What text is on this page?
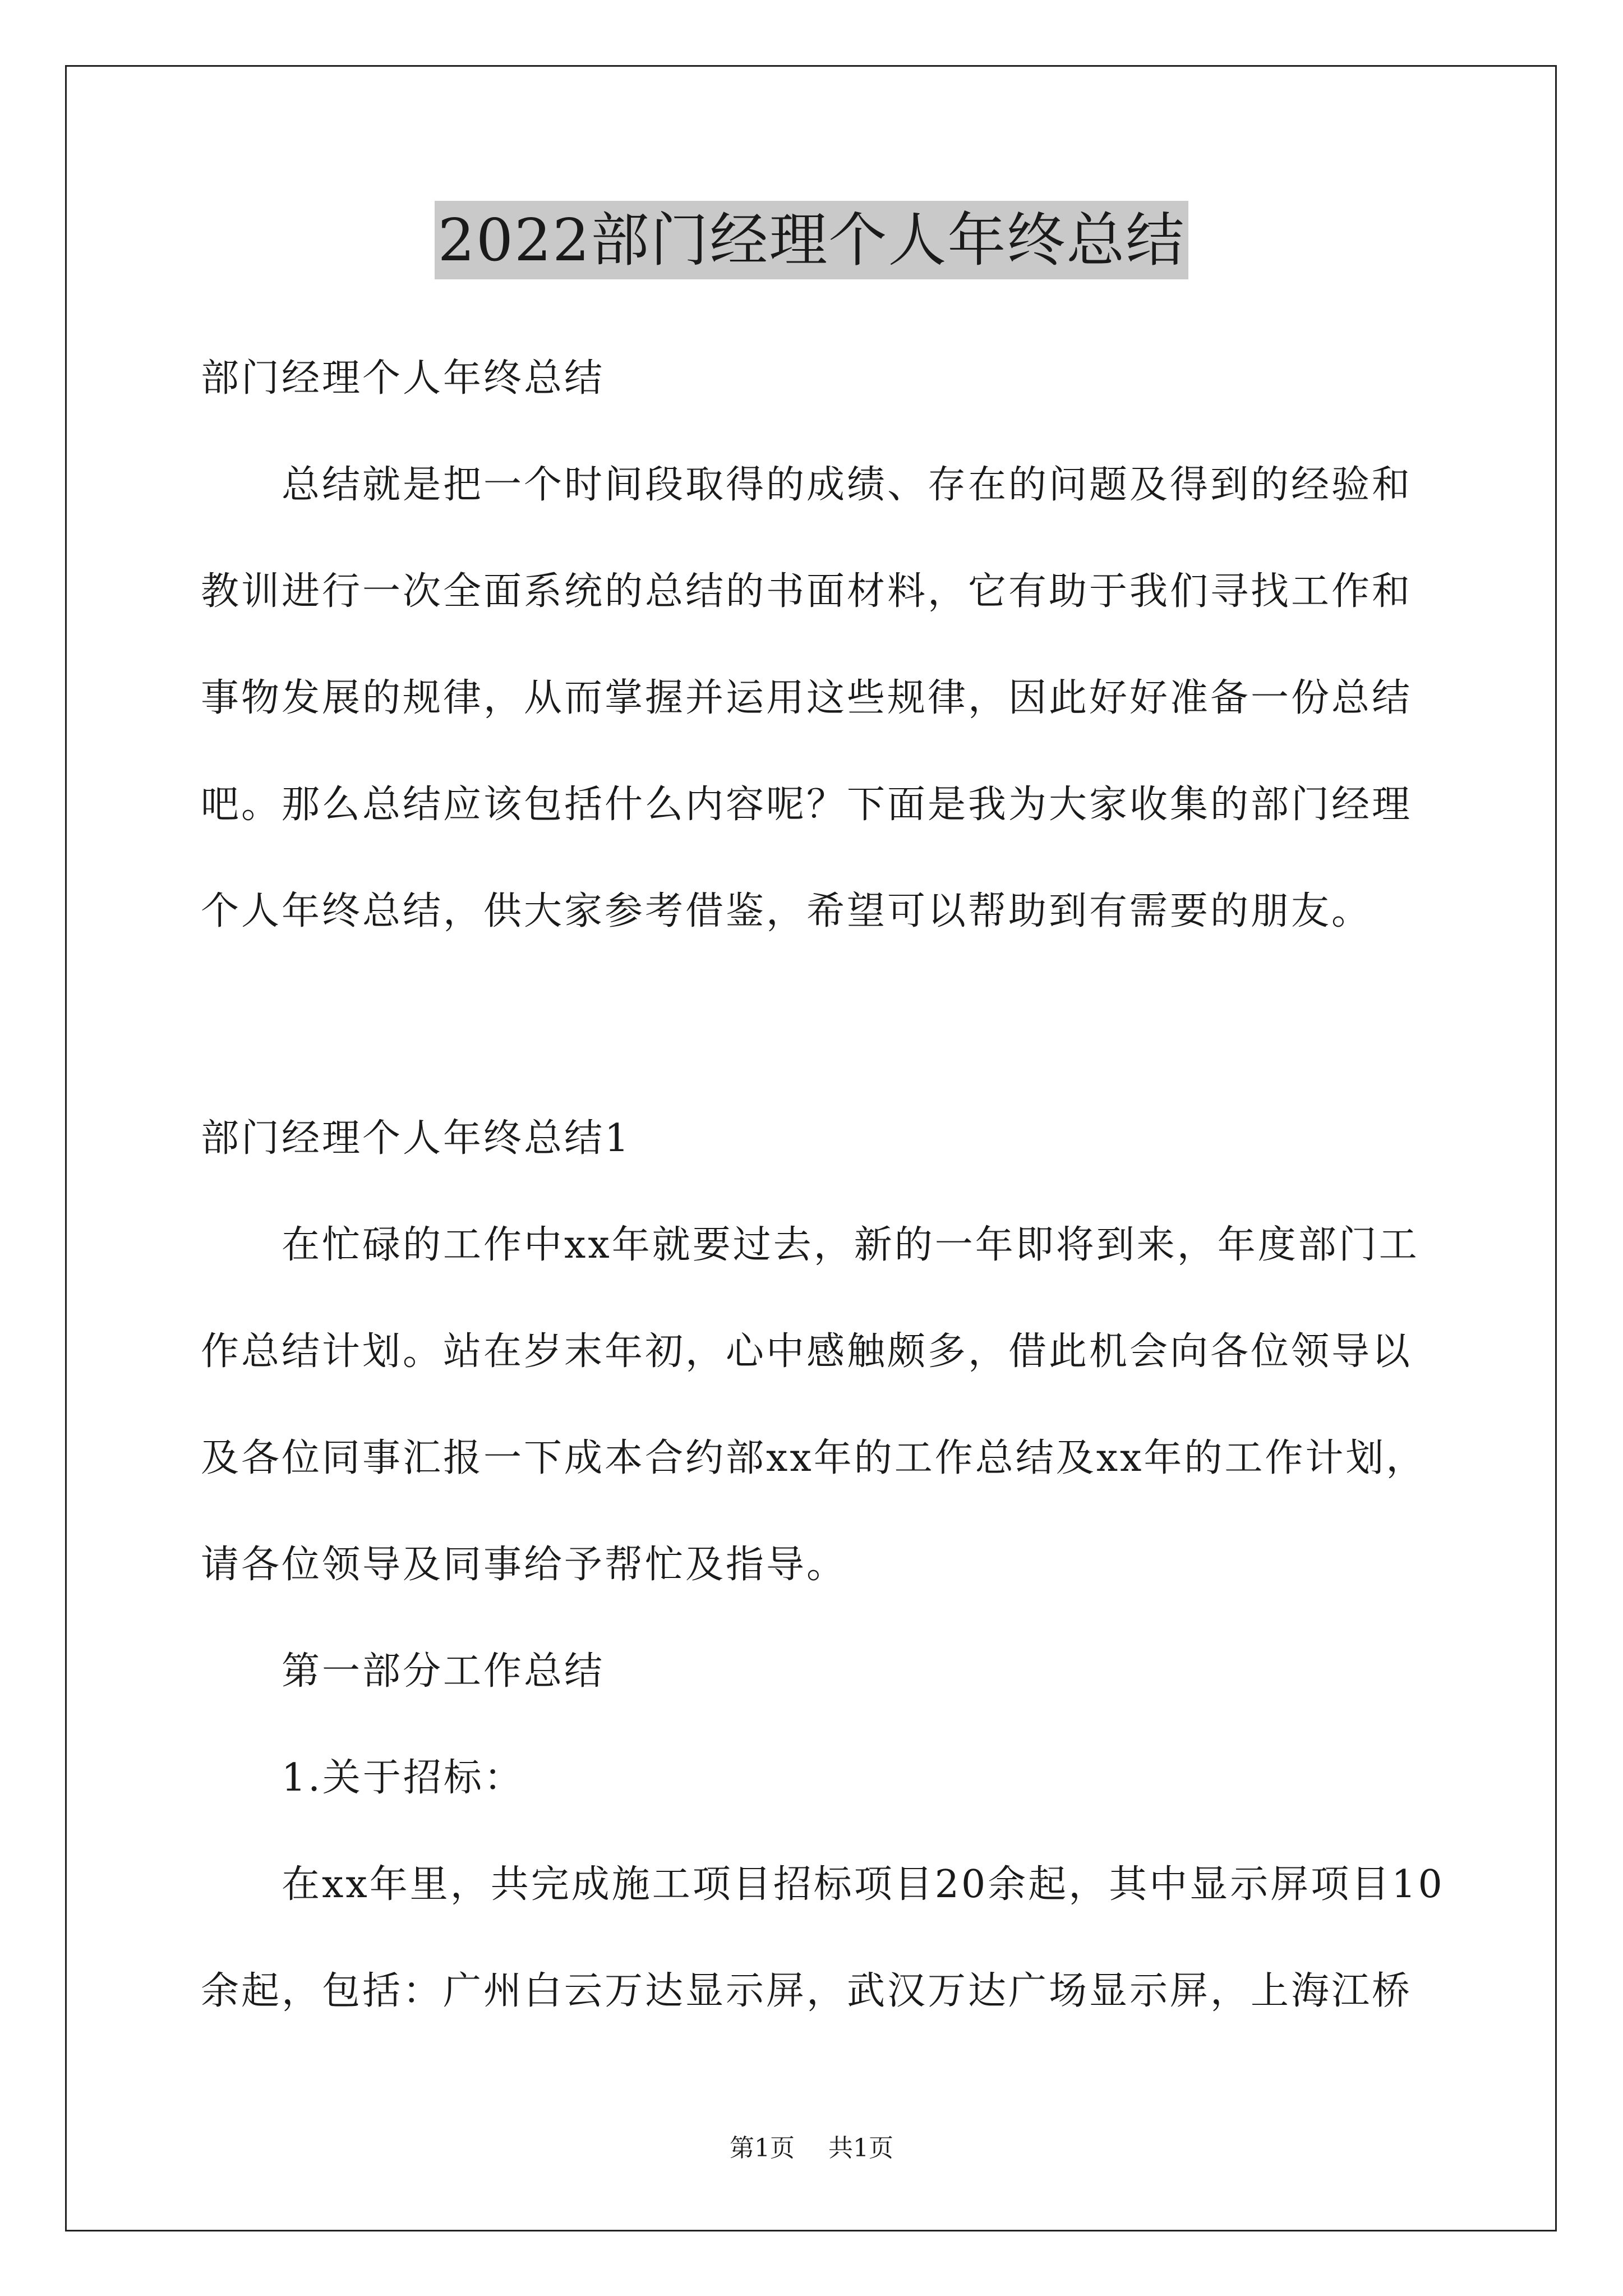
2022部门经理个人年终总结
部门经理个人年终总结
总结就是把一个时间段取得的成绩、存在的问题及得到的经验和
教训进行一次全面系统的总结的书面材料，它有助于我们寻找工作和
事物发展的规律，从而掌握并运用这些规律，因此好好准备一份总结
吧。那么总结应该包括什么内容呢？下面是我为大家收集的部门经理
个人年终总结，供大家参考借鉴，希望可以帮助到有需要的朋友。
部门经理个人年终总结1
在忙碌的工作中xx年就要过去，新的一年即将到来，年度部门工
作总结计划。站在岁末年初，心中感触颇多，借此机会向各位领导以
及各位同事汇报一下成本合约部xx年的工作总结及xx年的工作计划，
请各位领导及同事给予帮忙及指导。
第一部分工作总结
1.关于招标：
在xx年里，共完成施工项目招标项目20余起，其中显示屏项目10
余起，包括：广州白云万达显示屏，武汉万达广场显示屏，上海江桥
第1页 共1页
